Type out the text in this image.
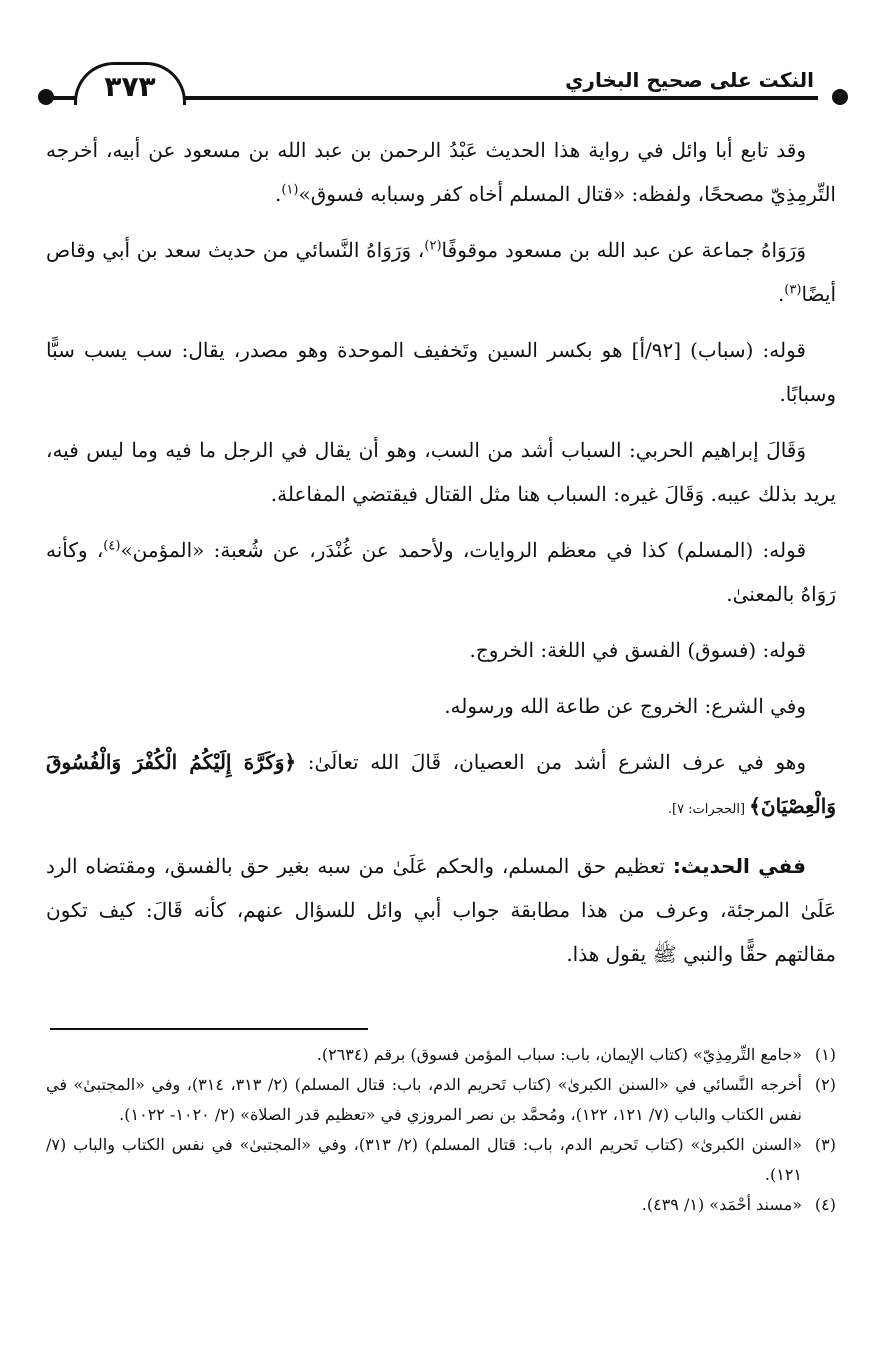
٣٧٣	النكت على صحيح البخاري

وقد تابع أبا وائل في رواية هذا الحديث عَبْدُ الرحمن بن عبد الله بن مسعود عن أبيه، أخرجه التِّرمِذِيّ مصححًا، ولفظه: «قتال المسلم أخاه كفر وسبابه فسوق»$^{(١)}$.

وَرَوَاهُ جماعة عن عبد الله بن مسعود موقوفًا$^{(٢)}$، وَرَوَاهُ النَّسائي من حديث سعد بن أبي وقاص أيضًا$^{(٣)}$.

قوله: (سباب) [٩٢/أ] هو بكسر السين وتَخفيف الموحدة وهو مصدر، يقال: سب يسب سبًّا وسبابًا.

وَقَالَ إبراهيم الحربي: السباب أشد من السب، وهو أن يقال في الرجل ما فيه وما ليس فيه، يريد بذلك عيبه. وَقَالَ غيره: السباب هنا مثل القتال فيقتضي المفاعلة.

قوله: (المسلم) كذا في معظم الروايات، ولأحمد عن غُنْدَر، عن شُعبة: «المؤمن»$^{(٤)}$، وكأنه رَوَاهُ بالمعنىٰ.

قوله: (فسوق) الفسق في اللغة: الخروج.

وفي الشرع: الخروج عن طاعة الله ورسوله.

وهو في عرف الشرع أشد من العصيان، قَالَ الله تعالَىٰ: ﴿وَكَرَّهَ إِلَيْكُمُ الْكُفْرَ وَالْفُسُوقَ وَالْعِصْيَانَ﴾ [الحجرات: ٧].

ففي الحديث: تعظيم حق المسلم، والحكم عَلَىٰ من سبه بغير حق بالفسق، ومقتضاه الرد عَلَىٰ المرجئة، وعرف من هذا مطابقة جواب أبي وائل للسؤال عنهم، كأنه قَالَ: كيف تكون مقالتهم حقًّا والنبي ﷺ يقول هذا.

(١)«جامع التِّرمِذِيّ» (كتاب الإيمان، باب: سباب المؤمن فسوق) برقم (٢٦٣٤).

(٢)أخرجه النَّسائي في «السنن الكبرىٰ» (كتاب تَحريم الدم، باب: قتال المسلم) (٢/ ٣١٣، ٣١٤)، وفي «المجتبىٰ» في نفس الكتاب والباب (٧/ ١٢١، ١٢٢)، ومُحمَّد بن نصر المروزي في «تعظيم قدر الصلاة» (٢/ ١٠٢٠- ١٠٢٢).

(٣)«السنن الكبرىٰ» (كتاب تَحريم الدم، باب: قتال المسلم) (٢/ ٣١٣)، وفي «المجتبىٰ» في نفس الكتاب والباب (٧/ ١٢١).

(٤)«مسند أحْمَد» (١/ ٤٣٩).
